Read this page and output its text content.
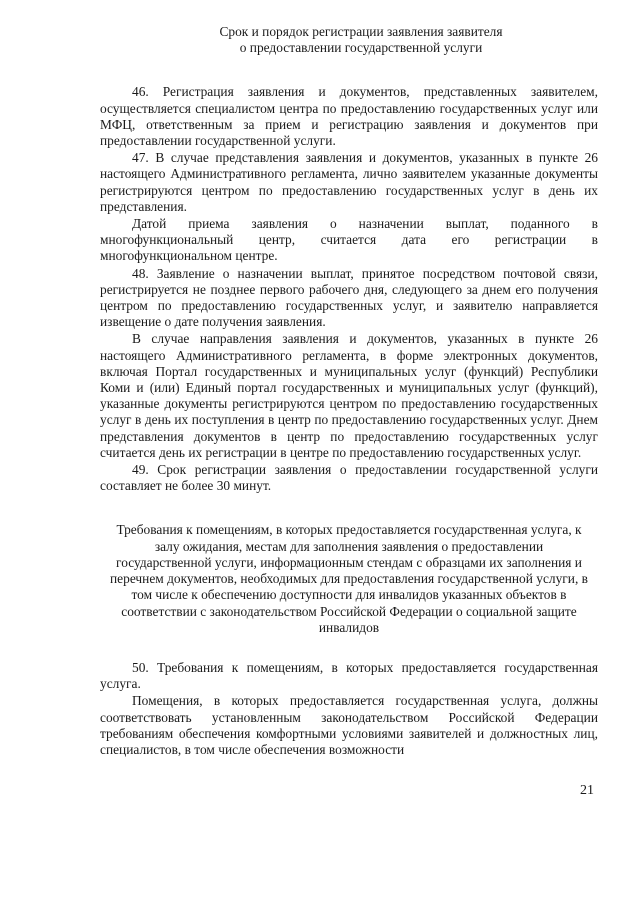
Срок и порядок регистрации заявления заявителя
о предоставлении государственной услуги

46. Регистрация заявления и документов, представленных заявителем, осуществляется специалистом центра по предоставлению государственных услуг или МФЦ, ответственным за прием и регистрацию заявления и документов при предоставлении государственной услуги.

47. В случае представления заявления и документов, указанных в пункте 26 настоящего Административного регламента, лично заявителем указанные документы регистрируются центром по предоставлению государственных услуг в день их представления.

Датой приема заявления о назначении выплат, поданного в многофункциональный центр, считается дата его регистрации в многофункциональном центре.

48. Заявление о назначении выплат, принятое посредством почтовой связи, регистрируется не позднее первого рабочего дня, следующего за днем его получения центром по предоставлению государственных услуг, и заявителю направляется извещение о дате получения заявления.

В случае направления заявления и документов, указанных в пункте 26 настоящего Административного регламента, в форме электронных документов, включая Портал государственных и муниципальных услуг (функций) Республики Коми и (или) Единый портал государственных и муниципальных услуг (функций), указанные документы регистрируются центром по предоставлению государственных услуг в день их поступления в центр по предоставлению государственных услуг. Днем представления документов в центр по предоставлению государственных услуг считается день их регистрации в центре по предоставлению государственных услуг.

49. Срок регистрации заявления о предоставлении государственной услуги составляет не более 30 минут.

Требования к помещениям, в которых предоставляется государственная услуга, к залу ожидания, местам для заполнения заявления о предоставлении государственной услуги, информационным стендам с образцами их заполнения и перечнем документов, необходимых для предоставления государственной услуги, в том числе к обеспечению доступности для инвалидов указанных объектов в соответствии с законодательством Российской Федерации о социальной защите инвалидов

50. Требования к помещениям, в которых предоставляется государственная услуга.

Помещения, в которых предоставляется государственная услуга, должны соответствовать установленным законодательством Российской Федерации требованиям обеспечения комфортными условиями заявителей и должностных лиц, специалистов, в том числе обеспечения возможности

21
